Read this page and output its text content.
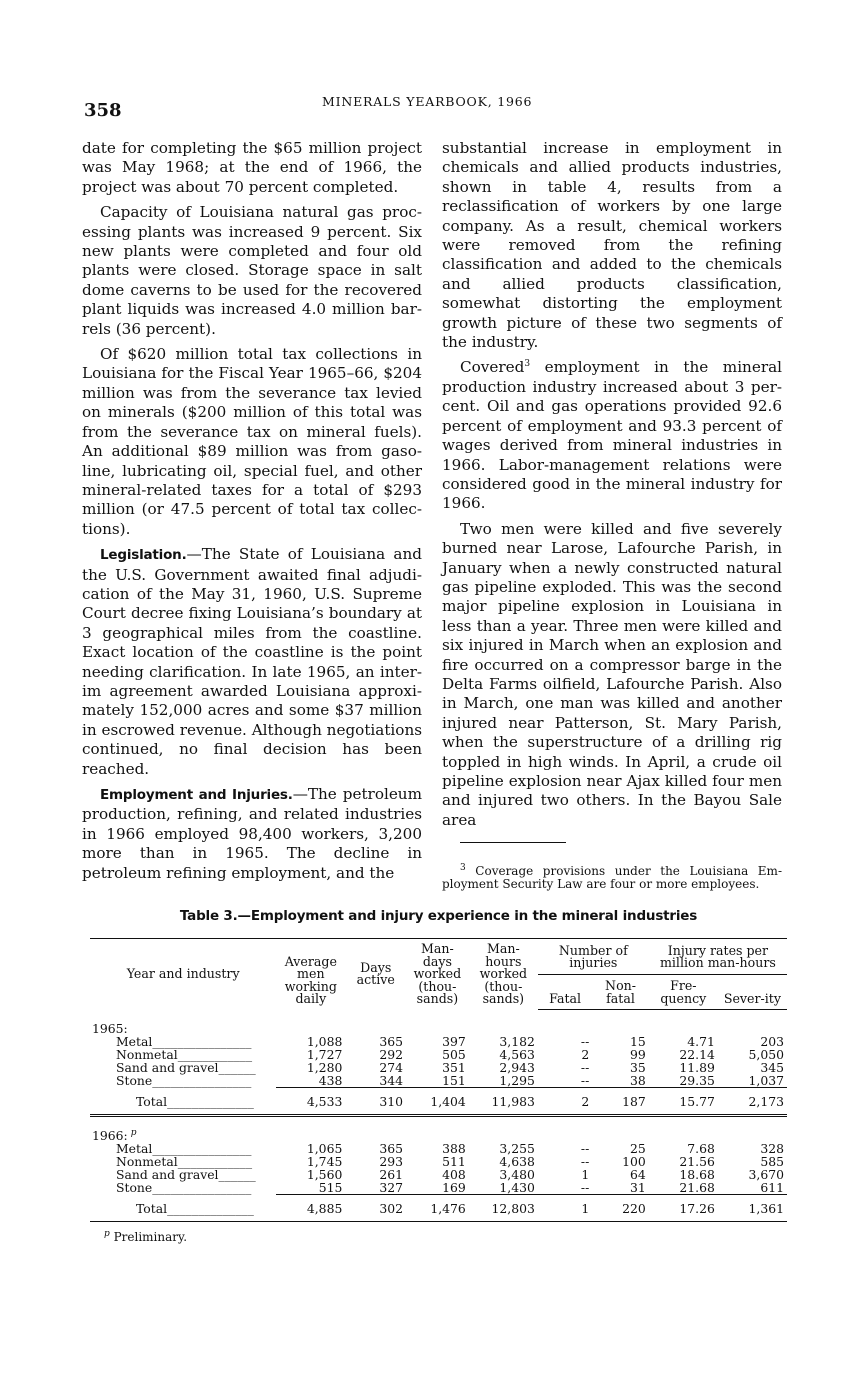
358	MINERALS YEARBOOK, 1966

date for completing the $65 million project was May 1968; at the end of 1966, the project was about 70 percent completed.

Capacity of Louisiana natural gas processing plants was increased 9 percent. Six new plants were completed and four old plants were closed. Storage space in salt dome caverns to be used for the recovered plant liquids was increased 4.0 million barrels (36 percent).

Of $620 million total tax collections in Louisiana for the Fiscal Year 1965–66, $204 million was from the severance tax levied on minerals ($200 million of this total was from the severance tax on mineral fuels). An additional $89 million was from gasoline, lubricating oil, special fuel, and other mineral-related taxes for a total of $293 million (or 47.5 percent of total tax collections).

Legislation.—The State of Louisiana and the U.S. Government awaited final adjudication of the May 31, 1960, U.S. Supreme Court decree fixing Louisiana’s boundary at 3 geographical miles from the coastline. Exact location of the coastline is the point needing clarification. In late 1965, an interim agreement awarded Louisiana approximately 152,000 acres and some $37 million in escrowed revenue. Although negotiations continued, no final decision has been reached.

Employment and Injuries.—The petroleum production, refining, and related industries in 1966 employed 98,400 workers, 3,200 more than in 1965. The decline in petroleum refining employment, and the

substantial increase in employment in chemicals and allied products industries, shown in table 4, results from a reclassification of workers by one large company. As a result, chemical workers were removed from the refining classification and added to the chemicals and allied products classification, somewhat distorting the employment growth picture of these two segments of the industry.

Covered$^3$ employment in the mineral production industry increased about 3 percent. Oil and gas operations provided 92.6 percent of employment and 93.3 percent of wages derived from mineral industries in 1966. Labor-management relations were considered good in the mineral industry for 1966.

Two men were killed and five severely burned near Larose, Lafourche Parish, in January when a newly constructed natural gas pipeline exploded. This was the second major pipeline explosion in Louisiana in less than a year. Three men were killed and six injured in March when an explosion and fire occurred on a compressor barge in the Delta Farms oilfield, Lafourche Parish. Also in March, one man was killed and another injured near Patterson, St. Mary Parish, when the superstructure of a drilling rig toppled in high winds. In April, a crude oil pipeline explosion near Ajax killed four men and injured two others. In the Bayou Sale area

$^3$ Coverage provisions under the Louisiana Employment Security Law are four or more employees.

Table 3.—Employment and injury experience in the mineral industries
Year and industry	Average men working daily	Days active	Man-days worked (thou-sands)	Man-hours worked (thou-sands)	Number of injuries		Injury rates per million man-hours	
					Fatal	Non-fatal	Fre-quency	Sever-ity
1965:								
Metal________________	1,088	365	397	3,182	--	15	4.71	203
Nonmetal____________	1,727	292	505	4,563	2	99	22.14	5,050
Sand and gravel______	1,280	274	351	2,943	--	35	11.89	345
Stone________________	438	344	151	1,295	--	38	29.35	1,037
Total______________	4,533	310	1,404	11,983	2	187	15.77	2,173
1966: $^p$
Metal________________	1,065	365	388	3,255	--	25	7.68	328
Nonmetal____________	1,745	293	511	4,638	--	100	21.56	585
Sand and gravel______	1,560	261	408	3,480	1	64	18.68	3,670
Stone________________	515	327	169	1,430	--	31	21.68	611
Total______________	4,885	302	1,476	12,803	1	220	17.26	1,361
$^p$ Preliminary.
